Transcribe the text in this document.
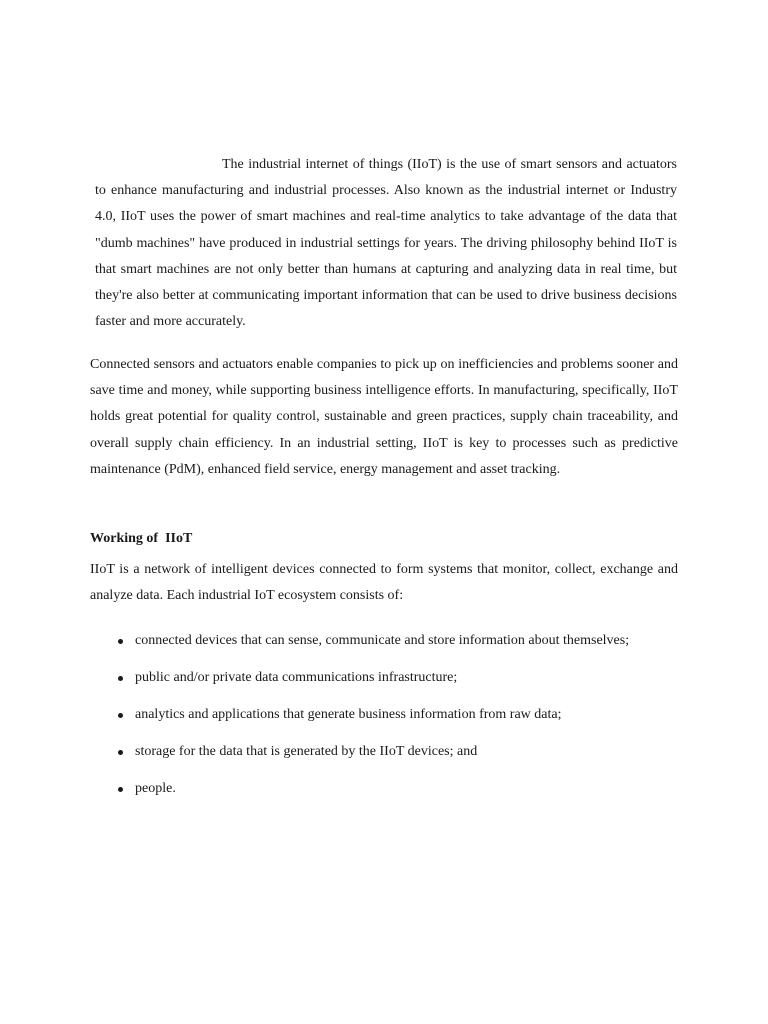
The industrial internet of things (IIoT) is the use of smart sensors and actuators to enhance manufacturing and industrial processes. Also known as the industrial internet or Industry 4.0, IIoT uses the power of smart machines and real-time analytics to take advantage of the data that "dumb machines" have produced in industrial settings for years. The driving philosophy behind IIoT is that smart machines are not only better than humans at capturing and analyzing data in real time, but they're also better at communicating important information that can be used to drive business decisions faster and more accurately.

Connected sensors and actuators enable companies to pick up on inefficiencies and problems sooner and save time and money, while supporting business intelligence efforts. In manufacturing, specifically, IIoT holds great potential for quality control, sustainable and green practices, supply chain traceability, and overall supply chain efficiency. In an industrial setting, IIoT is key to processes such as predictive maintenance (PdM), enhanced field service, energy management and asset tracking.

Working of  IIoT

IIoT is a network of intelligent devices connected to form systems that monitor, collect, exchange and analyze data. Each industrial IoT ecosystem consists of:

connected devices that can sense, communicate and store information about themselves;
public and/or private data communications infrastructure;
analytics and applications that generate business information from raw data;
storage for the data that is generated by the IIoT devices; and
people.
